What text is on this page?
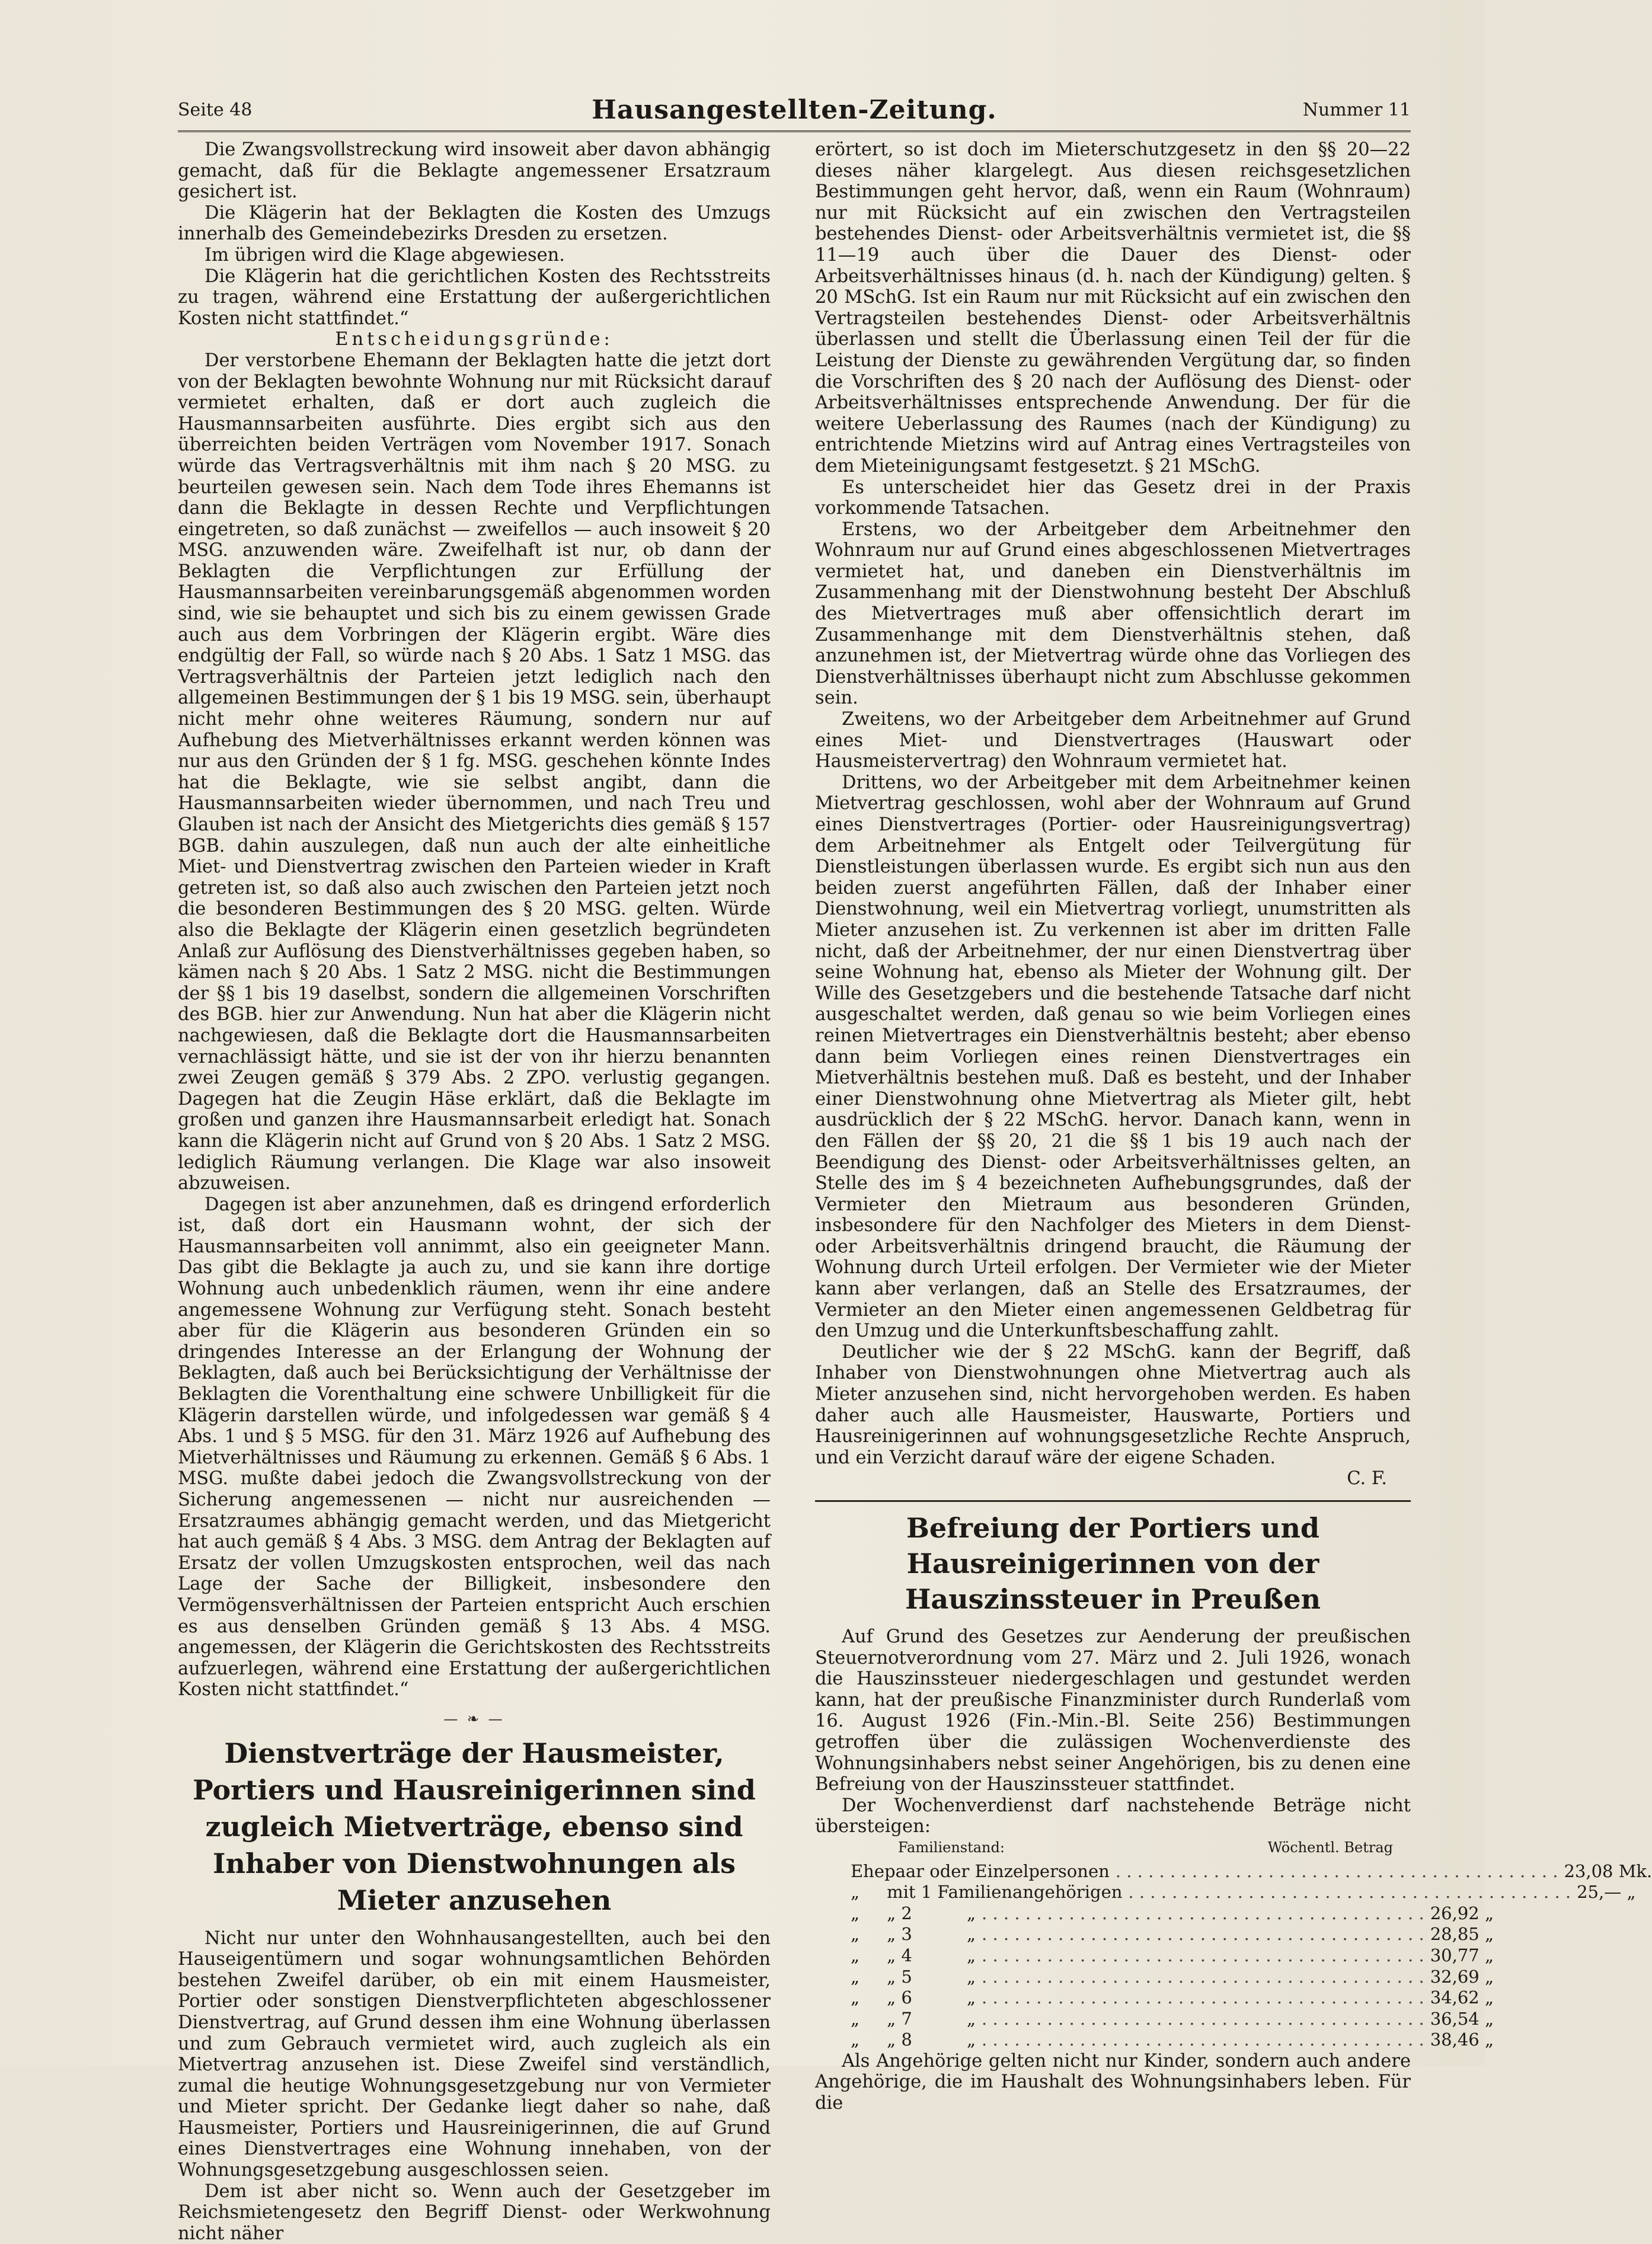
Seite 48	Hausangestellten-Zeitung.	Nummer 11

Die Zwangsvollstreckung wird insoweit aber davon abhängig gemacht, daß für die Beklagte angemessener Ersatzraum gesichert ist.

Die Klägerin hat der Beklagten die Kosten des Umzugs innerhalb des Gemeindebezirks Dresden zu ersetzen.

Im übrigen wird die Klage abgewiesen.

Die Klägerin hat die gerichtlichen Kosten des Rechtsstreits zu tragen, während eine Erstattung der außergerichtlichen Kosten nicht stattfindet.“

Entscheidungsgründe:

Der verstorbene Ehemann der Beklagten hatte die jetzt dort von der Beklagten bewohnte Wohnung nur mit Rücksicht darauf vermietet erhalten, daß er dort auch zugleich die Hausmannsarbeiten ausführte. Dies ergibt sich aus den überreichten beiden Verträgen vom November 1917. Sonach würde das Vertragsverhältnis mit ihm nach § 20 MSG. zu beurteilen gewesen sein. Nach dem Tode ihres Ehemanns ist dann die Beklagte in dessen Rechte und Verpflichtungen eingetreten, so daß zunächst — zweifellos — auch insoweit § 20 MSG. anzuwenden wäre. Zweifelhaft ist nur, ob dann der Beklagten die Verpflichtungen zur Erfüllung der Hausmannsarbeiten vereinbarungsgemäß abgenommen worden sind, wie sie behauptet und sich bis zu einem gewissen Grade auch aus dem Vorbringen der Klägerin ergibt. Wäre dies endgültig der Fall, so würde nach § 20 Abs. 1 Satz 1 MSG. das Vertragsverhältnis der Parteien jetzt lediglich nach den allgemeinen Bestimmungen der § 1 bis 19 MSG. sein, überhaupt nicht mehr ohne weiteres Räumung, sondern nur auf Aufhebung des Mietverhältnisses erkannt werden können was nur aus den Gründen der § 1 fg. MSG. geschehen könnte Indes hat die Beklagte, wie sie selbst angibt, dann die Hausmannsarbeiten wieder übernommen, und nach Treu und Glauben ist nach der Ansicht des Mietgerichts dies gemäß § 157 BGB. dahin auszulegen, daß nun auch der alte einheitliche Miet- und Dienstvertrag zwischen den Parteien wieder in Kraft getreten ist, so daß also auch zwischen den Parteien jetzt noch die besonderen Bestimmungen des § 20 MSG. gelten. Würde also die Beklagte der Klägerin einen gesetzlich begründeten Anlaß zur Auflösung des Dienstverhältnisses gegeben haben, so kämen nach § 20 Abs. 1 Satz 2 MSG. nicht die Bestimmungen der §§ 1 bis 19 daselbst, sondern die allgemeinen Vorschriften des BGB. hier zur Anwendung. Nun hat aber die Klägerin nicht nachgewiesen, daß die Beklagte dort die Hausmannsarbeiten vernachlässigt hätte, und sie ist der von ihr hierzu benannten zwei Zeugen gemäß § 379 Abs. 2 ZPO. verlustig gegangen. Dagegen hat die Zeugin Häse erklärt, daß die Beklagte im großen und ganzen ihre Hausmannsarbeit erledigt hat. Sonach kann die Klägerin nicht auf Grund von § 20 Abs. 1 Satz 2 MSG. lediglich Räumung verlangen. Die Klage war also insoweit abzuweisen.

Dagegen ist aber anzunehmen, daß es dringend erforderlich ist, daß dort ein Hausmann wohnt, der sich der Hausmannsarbeiten voll annimmt, also ein geeigneter Mann. Das gibt die Beklagte ja auch zu, und sie kann ihre dortige Wohnung auch unbedenklich räumen, wenn ihr eine andere angemessene Wohnung zur Verfügung steht. Sonach besteht aber für die Klägerin aus besonderen Gründen ein so dringendes Interesse an der Erlangung der Wohnung der Beklagten, daß auch bei Berücksichtigung der Verhältnisse der Beklagten die Vorenthaltung eine schwere Unbilligkeit für die Klägerin darstellen würde, und infolgedessen war gemäß § 4 Abs. 1 und § 5 MSG. für den 31. März 1926 auf Aufhebung des Mietverhältnisses und Räumung zu erkennen. Gemäß § 6 Abs. 1 MSG. mußte dabei jedoch die Zwangsvollstreckung von der Sicherung angemessenen — nicht nur ausreichenden — Ersatzraumes abhängig gemacht werden, und das Mietgericht hat auch gemäß § 4 Abs. 3 MSG. dem Antrag der Beklagten auf Ersatz der vollen Umzugskosten entsprochen, weil das nach Lage der Sache der Billigkeit, insbesondere den Vermögensverhältnissen der Parteien entspricht Auch erschien es aus denselben Gründen gemäß § 13 Abs. 4 MSG. angemessen, der Klägerin die Gerichtskosten des Rechtsstreits aufzuerlegen, während eine Erstattung der außergerichtlichen Kosten nicht stattfindet.“

— ❧ —
Dienstverträge der Hausmeister, Portiers und Hausreinigerinnen sind zugleich Mietverträge, ebenso sind Inhaber von Dienstwohnungen als Mieter anzusehen

Nicht nur unter den Wohnhausangestellten, auch bei den Hauseigentümern und sogar wohnungsamtlichen Behörden bestehen Zweifel darüber, ob ein mit einem Hausmeister, Portier oder sonstigen Dienstverpflichteten abgeschlossener Dienstvertrag, auf Grund dessen ihm eine Wohnung überlassen und zum Gebrauch vermietet wird, auch zugleich als ein Mietvertrag anzusehen ist. Diese Zweifel sind verständlich, zumal die heutige Wohnungsgesetzgebung nur von Vermieter und Mieter spricht. Der Gedanke liegt daher so nahe, daß Hausmeister, Portiers und Hausreinigerinnen, die auf Grund eines Dienstvertrages eine Wohnung innehaben, von der Wohnungsgesetzgebung ausgeschlossen seien.

Dem ist aber nicht so. Wenn auch der Gesetzgeber im Reichsmietengesetz den Begriff Dienst- oder Werkwohnung nicht näher

erörtert, so ist doch im Mieterschutzgesetz in den §§ 20—22 dieses näher klargelegt. Aus diesen reichsgesetzlichen Bestimmungen geht hervor, daß, wenn ein Raum (Wohnraum) nur mit Rücksicht auf ein zwischen den Vertragsteilen bestehendes Dienst- oder Arbeitsverhältnis vermietet ist, die §§ 11—19 auch über die Dauer des Dienst- oder Arbeitsverhältnisses hinaus (d. h. nach der Kündigung) gelten. § 20 MSchG. Ist ein Raum nur mit Rücksicht auf ein zwischen den Vertragsteilen bestehendes Dienst- oder Arbeitsverhältnis überlassen und stellt die Überlassung einen Teil der für die Leistung der Dienste zu gewährenden Vergütung dar, so finden die Vorschriften des § 20 nach der Auflösung des Dienst- oder Arbeitsverhältnisses entsprechende Anwendung. Der für die weitere Ueberlassung des Raumes (nach der Kündigung) zu entrichtende Mietzins wird auf Antrag eines Vertragsteiles von dem Mieteinigungsamt festgesetzt. § 21 MSchG.

Es unterscheidet hier das Gesetz drei in der Praxis vorkommende Tatsachen.

Erstens, wo der Arbeitgeber dem Arbeitnehmer den Wohnraum nur auf Grund eines abgeschlossenen Mietvertrages vermietet hat, und daneben ein Dienstverhältnis im Zusammenhang mit der Dienstwohnung besteht Der Abschluß des Mietvertrages muß aber offensichtlich derart im Zusammenhange mit dem Dienstverhältnis stehen, daß anzunehmen ist, der Mietvertrag würde ohne das Vorliegen des Dienstverhältnisses überhaupt nicht zum Abschlusse gekommen sein.

Zweitens, wo der Arbeitgeber dem Arbeitnehmer auf Grund eines Miet- und Dienstvertrages (Hauswart oder Hausmeistervertrag) den Wohnraum vermietet hat.

Drittens, wo der Arbeitgeber mit dem Arbeitnehmer keinen Mietvertrag geschlossen, wohl aber der Wohnraum auf Grund eines Dienstvertrages (Portier- oder Hausreinigungsvertrag) dem Arbeitnehmer als Entgelt oder Teilvergütung für Dienstleistungen überlassen wurde. Es ergibt sich nun aus den beiden zuerst angeführten Fällen, daß der Inhaber einer Dienstwohnung, weil ein Mietvertrag vorliegt, unumstritten als Mieter anzusehen ist. Zu verkennen ist aber im dritten Falle nicht, daß der Arbeitnehmer, der nur einen Dienstvertrag über seine Wohnung hat, ebenso als Mieter der Wohnung gilt. Der Wille des Gesetzgebers und die bestehende Tatsache darf nicht ausgeschaltet werden, daß genau so wie beim Vorliegen eines reinen Mietvertrages ein Dienstverhältnis besteht; aber ebenso dann beim Vorliegen eines reinen Dienstvertrages ein Mietverhältnis bestehen muß. Daß es besteht, und der Inhaber einer Dienstwohnung ohne Mietvertrag als Mieter gilt, hebt ausdrücklich der § 22 MSchG. hervor. Danach kann, wenn in den Fällen der §§ 20, 21 die §§ 1 bis 19 auch nach der Beendigung des Dienst- oder Arbeitsverhältnisses gelten, an Stelle des im § 4 bezeichneten Aufhebungsgrundes, daß der Vermieter den Mietraum aus besonderen Gründen, insbesondere für den Nachfolger des Mieters in dem Dienst- oder Arbeitsverhältnis dringend braucht, die Räumung der Wohnung durch Urteil erfolgen. Der Vermieter wie der Mieter kann aber verlangen, daß an Stelle des Ersatzraumes, der Vermieter an den Mieter einen angemessenen Geldbetrag für den Umzug und die Unterkunftsbeschaffung zahlt.

Deutlicher wie der § 22 MSchG. kann der Begriff, daß Inhaber von Dienstwohnungen ohne Mietvertrag auch als Mieter anzusehen sind, nicht hervorgehoben werden. Es haben daher auch alle Hausmeister, Hauswarte, Portiers und Hausreinigerinnen auf wohnungsgesetzliche Rechte Anspruch, und ein Verzicht darauf wäre der eigene Schaden.

C. F.

Befreiung der Portiers und Hausreinigerinnen von der Hauszinssteuer in Preußen

Auf Grund des Gesetzes zur Aenderung der preußischen Steuernotverordnung vom 27. März und 2. Juli 1926, wonach die Hauszinssteuer niedergeschlagen und gestundet werden kann, hat der preußische Finanzminister durch Runderlaß vom 16. August 1926 (Fin.-Min.-Bl. Seite 256) Bestimmungen getroffen über die zulässigen Wochenverdienste des Wohnungsinhabers nebst seiner Angehörigen, bis zu denen eine Befreiung von der Hauszinssteuer stattfindet.

Der Wochenverdienst darf nachstehende Beträge nicht übersteigen:

Familienstand:	Wöchentl. Betrag
Ehepaar oder Einzelpersonen . . . . . . . . . . . . . . . . . . . . . . . . . . . . . . . . . . . . . . . . . 23,08 Mk.
„     mit 1 Familienangehörigen . . . . . . . . . . . . . . . . . . . . . . . . . . . . . . . . . . . . . . . . . 25,— „
„     „ 2          „ . . . . . . . . . . . . . . . . . . . . . . . . . . . . . . . . . . . . . . . . . 26,92 „
„     „ 3          „ . . . . . . . . . . . . . . . . . . . . . . . . . . . . . . . . . . . . . . . . . 28,85 „
„     „ 4          „ . . . . . . . . . . . . . . . . . . . . . . . . . . . . . . . . . . . . . . . . . 30,77 „
„     „ 5          „ . . . . . . . . . . . . . . . . . . . . . . . . . . . . . . . . . . . . . . . . . 32,69 „
„     „ 6          „ . . . . . . . . . . . . . . . . . . . . . . . . . . . . . . . . . . . . . . . . . 34,62 „
„     „ 7          „ . . . . . . . . . . . . . . . . . . . . . . . . . . . . . . . . . . . . . . . . . 36,54 „
„     „ 8          „ . . . . . . . . . . . . . . . . . . . . . . . . . . . . . . . . . . . . . . . . . 38,46 „

Als Angehörige gelten nicht nur Kinder, sondern auch andere Angehörige, die im Haushalt des Wohnungsinhabers leben. Für die
